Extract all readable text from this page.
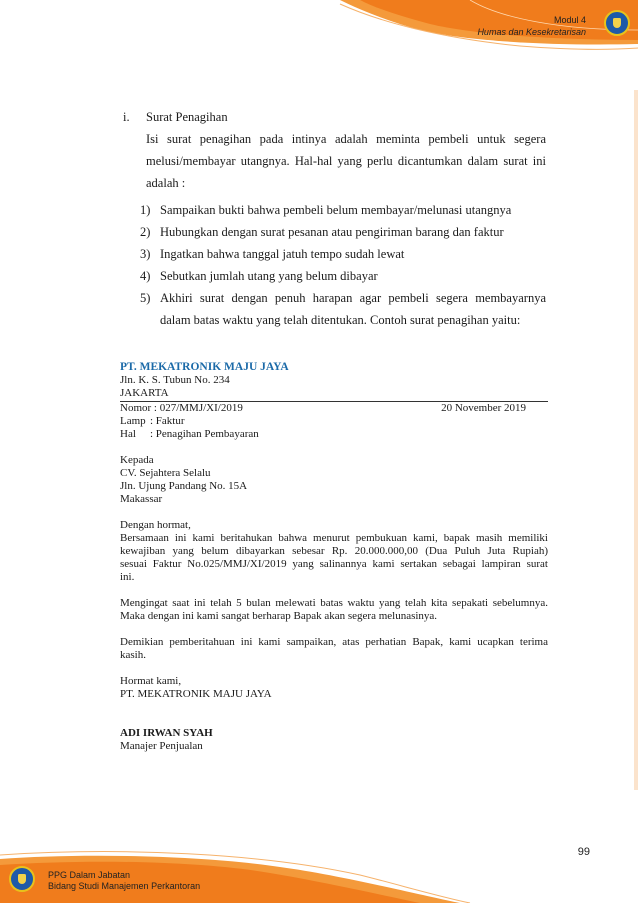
Modul 4
Humas dan Kesekretarisan
i. Surat Penagihan
Isi surat penagihan pada intinya adalah meminta pembeli untuk segera
melusi/membayar utangnya. Hal-hal yang perlu dicantumkan dalam surat ini
adalah :
1) Sampaikan bukti bahwa pembeli belum membayar/melunasi utangnya
2) Hubungkan dengan surat pesanan atau pengiriman barang dan faktur
3) Ingatkan bahwa tanggal jatuh tempo sudah lewat
4) Sebutkan jumlah utang yang belum dibayar
5) Akhiri surat dengan penuh harapan agar pembeli segera membayarnya
dalam batas waktu yang telah ditentukan. Contoh surat penagihan yaitu:
PT. MEKATRONIK MAJU JAYA
Jln. K. S. Tubun No. 234
JAKARTA
Nomor : 027/MMJ/XI/2019	20 November 2019
Lamp : Faktur
Hal	: Penagihan Pembayaran
Kepada
CV. Sejahtera Selalu
Jln. Ujung Pandang No. 15A
Makassar
Dengan hormat,
Bersamaan ini kami beritahukan bahwa menurut pembukuan kami, bapak masih memiliki
kewajiban yang belum dibayarkan sebesar Rp. 20.000.000,00 (Dua Puluh Juta Rupiah)
sesuai Faktur No.025/MMJ/XI/2019 yang salinannya kami sertakan sebagai lampiran surat
ini.
Mengingat saat ini telah 5 bulan melewati batas waktu yang telah kita sepakati sebelumnya.
Maka dengan ini kami sangat berharap Bapak akan segera melunasinya.
Demikian pemberitahuan ini kami sampaikan, atas perhatian Bapak, kami ucapkan terima
kasih.
Hormat kami,
PT. MEKATRONIK MAJU JAYA
ADI IRWAN SYAH
Manajer Penjualan
PPG Dalam Jabatan
Bidang Studi Manajemen Perkantoran
99
